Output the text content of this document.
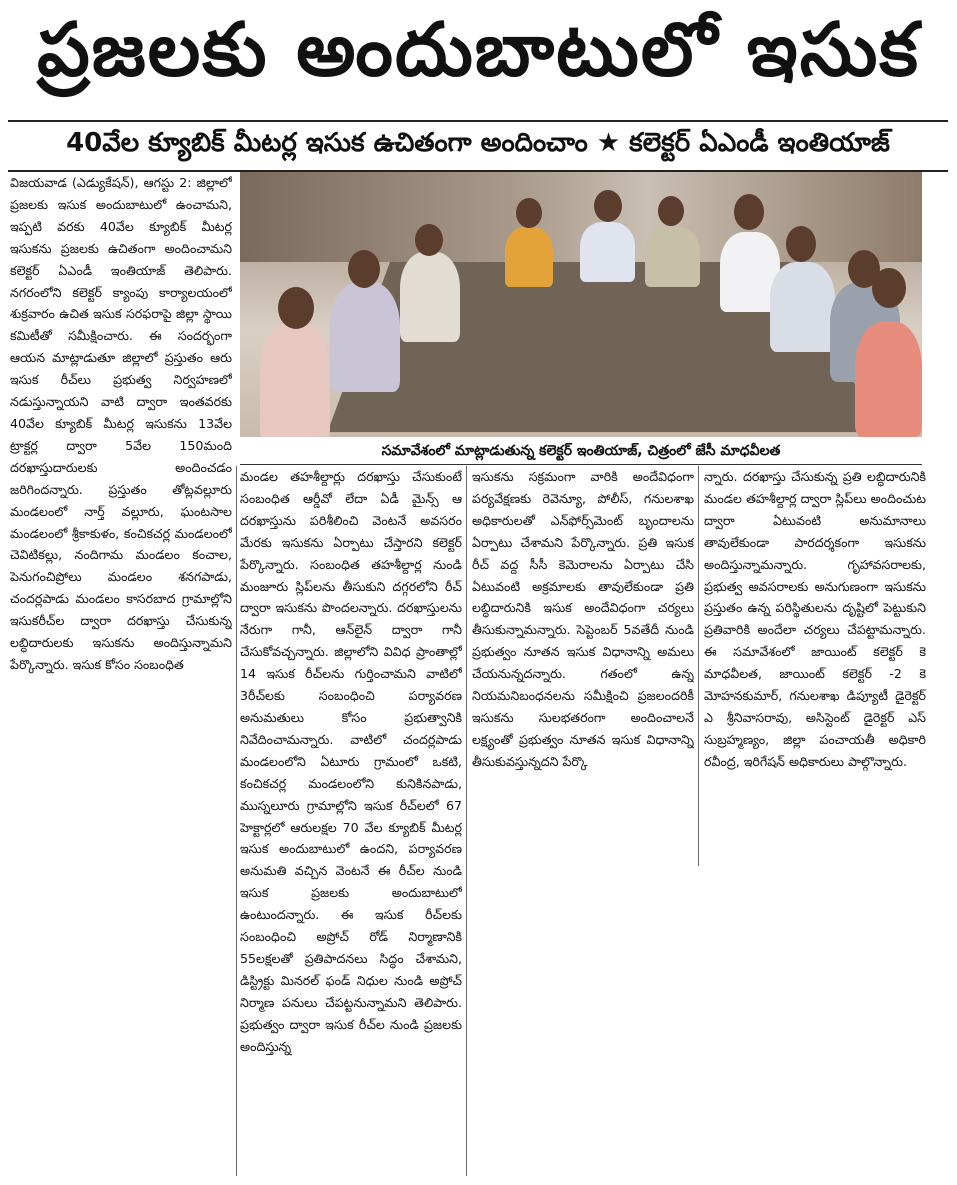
ప్రజలకు అందుబాటులో ఇసుక
40వేల క్యూబిక్ మీటర్ల ఇసుక ఉచితంగా అందించాం ★ కలెక్టర్ ఏఎండీ ఇంతియాజ్
సమావేశంలో మాట్లాడుతున్న కలెక్టర్ ఇంతియాజ్, చిత్రంలో జేసీ మాధవీలత

విజయవాడ (ఎడ్యుకేషన్), ఆగస్టు 2: జిల్లాలో ప్రజలకు ఇసుక అందుబాటులో ఉంచామని, ఇప్పటి వరకు 40వేల క్యూబిక్ మీటర్ల ఇసుకను ప్రజలకు ఉచితంగా అందించామని కలెక్టర్ ఏఎండీ ఇంతియాజ్ తెలిపారు. నగరంలోని కలెక్టర్ క్యాంపు కార్యాలయంలో శుక్రవారం ఉచిత ఇసుక సరఫరాపై జిల్లా స్థాయి కమిటీతో సమీక్షించారు. ఈ సందర్భంగా ఆయన మాట్లాడుతూ జిల్లాలో ప్రస్తుతం ఆరు ఇసుక రీచ్‌లు ప్రభుత్వ నిర్వహణలో నడుస్తున్నాయని వాటి ద్వారా ఇంతవరకు 40వేల క్యూబిక్ మీటర్ల ఇసుకను 13వేల ట్రాక్టర్ల ద్వారా 5వేల 150మంది దరఖాస్తుదారులకు అందించడం జరిగిందన్నారు. ప్రస్తుతం తోట్లవల్లూరు మండలంలో నార్త్ వల్లూరు, ఘంటసాల మండలంలో శ్రీకాకుళం, కంచికచర్ల మండలంలో చెవిటికల్లు, నందిగామ మండలం కంచాల, పెనుగంచిప్రోలు మండలం శనగపాడు, చందర్లపాడు మండలం కాసరబాద గ్రామాల్లోని ఇసుకరీచ్‌ల ద్వారా దరఖాస్తు చేసుకున్న లబ్ధిదారులకు ఇసుకను అందిస్తున్నామని పేర్కొన్నారు. ఇసుక కోసం సంబంధిత

మండల తహశీల్దార్లు దరఖాస్తు చేసుకుంటే సంబంధిత ఆర్డీవో లేదా ఏడీ మైన్స్ ఆ దరఖాస్తును పరిశీలించి వెంటనే అవసరం మేరకు ఇసుకను ఏర్పాటు చేస్తారని కలెక్టర్ పేర్కొన్నారు. సంబంధిత తహశీల్దార్ల నుండి మంజూరు స్లిప్‌లను తీసుకుని దగ్గరలోని రీచ్ ద్వారా ఇసుకను పొందలన్నారు. దరఖాస్తులను నేరుగా గానీ, ఆన్‌లైన్ ద్వారా గానీ చేసుకోవచ్చన్నారు. జిల్లాలోని వివిధ ప్రాంతాల్లో 14 ఇసుక రీచ్‌లను గుర్తించామని వాటిలో 3రీచ్‌లకు సంబంధించి పర్యావరణ అనుమతులు కోసం ప్రభుత్వానికి నివేదించామన్నారు. వాటిలో చందర్లపాడు మండలంలోని ఏటూరు గ్రామంలో ఒకటి, కంచికచర్ల మండలంలోని కునికినపాడు, ముస్నలూరు గ్రామాల్లోని ఇసుక రీచ్‌లలో 67 హెక్టార్లలో ఆరులక్షల 70 వేల క్యూబిక్ మీటర్ల ఇసుక అందుబాటులో ఉందని, పర్యావరణ అనుమతి వచ్చిన వెంటనే ఈ రీచ్‌ల నుండి ఇసుక ప్రజలకు అందుబాటులో ఉంటుందన్నారు. ఈ ఇసుక రీచ్‌లకు సంబంధించి అప్రోచ్ రోడ్ నిర్మాణానికి 55లక్షలతో ప్రతిపాదనలు సిద్ధం చేశామని, డిస్ట్రిక్టు మినరల్ ఫండ్ నిధుల నుండి అప్రోచ్ నిర్మాణ పనులు చేపట్టనున్నామని తెలిపారు. ప్రభుత్వం ద్వారా ఇసుక రీచ్‌ల నుండి ప్రజలకు అందిస్తున్న

ఇసుకను సక్రమంగా వారికి అందేవిధంగా పర్యవేక్షణకు రెవెన్యూ, పోలీస్, గనులశాఖ అధికారులతో ఎన్‌ఫోర్స్‌మెంట్ బృందాలను ఏర్పాటు చేశామని పేర్కొన్నారు. ప్రతి ఇసుక రీచ్ వద్ద సీసీ కెమెరాలను ఏర్పాటు చేసి ఏటువంటి అక్రమాలకు తావులేకుండా ప్రతి లబ్ధిదారునికి ఇసుక అందేవిధంగా చర్యలు తీసుకున్నామన్నారు. సెప్టెంబర్ 5వతేదీ నుండి ప్రభుత్వం నూతన ఇసుక విధానాన్ని అమలు చేయనున్నదన్నారు. గతంలో ఉన్న నియమనిబంధనలను సమీక్షించి ప్రజలందరికీ ఇసుకను సులభతరంగా అందించాలనే లక్ష్యంతో ప్రభుత్వం నూతన ఇసుక విధానాన్ని తీసుకువస్తున్నదని పేర్కొ

న్నారు. దరఖాస్తు చేసుకున్న ప్రతి లబ్ధిదారునికి మండల తహశీల్దార్ల ద్వారా స్లిప్‌లు అందించుట ద్వారా ఏటువంటి అనుమానాలు తావులేకుండా పారదర్శకంగా ఇసుకను అందిస్తున్నామన్నారు. గృహావసరాలకు, ప్రభుత్వ అవసరాలకు అనుగుణంగా ఇసుకను ప్రస్తుతం ఉన్న పరిస్థితులను దృష్టిలో పెట్టుకుని ప్రతివారికి అందేలా చర్యలు చేపట్టామన్నారు. ఈ సమావేశంలో జాయింట్ కలెక్టర్ కె మాధవీలత, జాయింట్ కలెక్టర్ -2 కె మోహనకుమార్, గనులశాఖ డిప్యూటీ డైరెక్టర్ ఎ శ్రీనివాసరావు, అసిస్టెంట్ డైరెక్టర్ ఎస్ సుబ్రహ్మణ్యం, జిల్లా పంచాయతీ అధికారి రవీంద్ర, ఇరిగేషన్ అధికారులు పాల్గొన్నారు.
